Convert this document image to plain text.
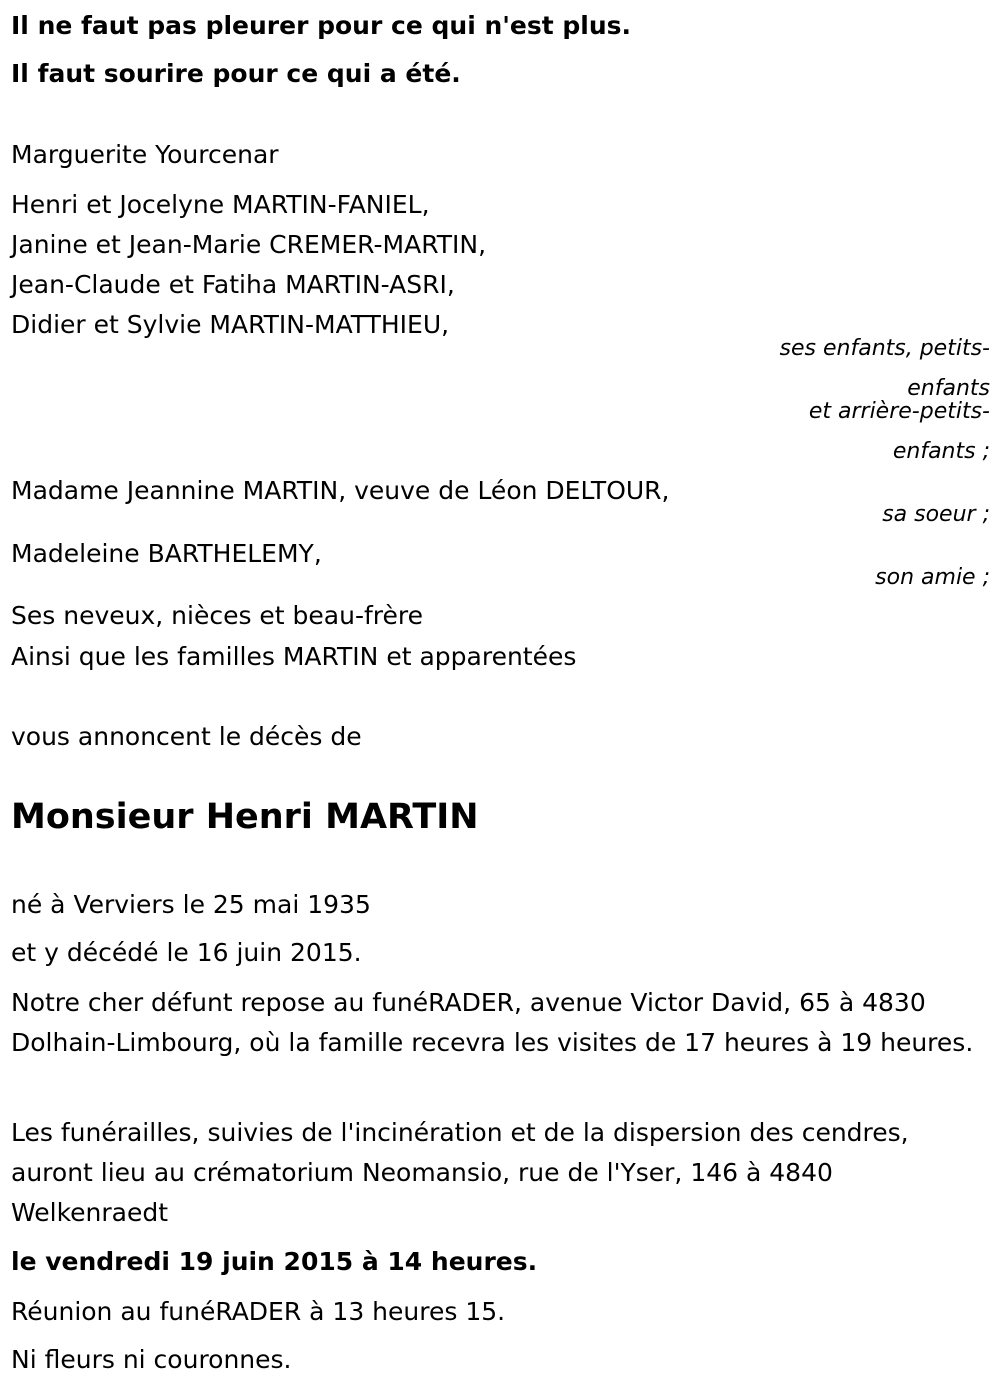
Il ne faut pas pleurer pour ce qui n'est plus.
Il faut sourire pour ce qui a été.
Marguerite Yourcenar
Henri et Jocelyne MARTIN-FANIEL,
Janine et Jean-Marie CREMER-MARTIN,
Jean-Claude et Fatiha MARTIN-ASRI,
Didier et Sylvie MARTIN-MATTHIEU,
ses enfants, petits-
enfants
et arrière-petits-
enfants ;
Madame Jeannine MARTIN, veuve de Léon DELTOUR,
sa soeur ;
Madeleine BARTHELEMY,
son amie ;
Ses neveux, nièces et beau-frère
Ainsi que les familles MARTIN et apparentées
vous annoncent le décès de
Monsieur Henri MARTIN
né à Verviers le 25 mai 1935
et y décédé le 16 juin 2015.
Notre cher défunt repose au funéRADER, avenue Victor David, 65 à 4830 Dolhain-Limbourg, où la famille recevra les visites de 17 heures à 19 heures.
Les funérailles, suivies de l'incinération et de la dispersion des cendres, auront lieu au crématorium Neomansio, rue de l'Yser, 146 à 4840 Welkenraedt
le vendredi 19 juin 2015 à 14 heures.
Réunion au funéRADER à 13 heures 15.
Ni fleurs ni couronnes.
